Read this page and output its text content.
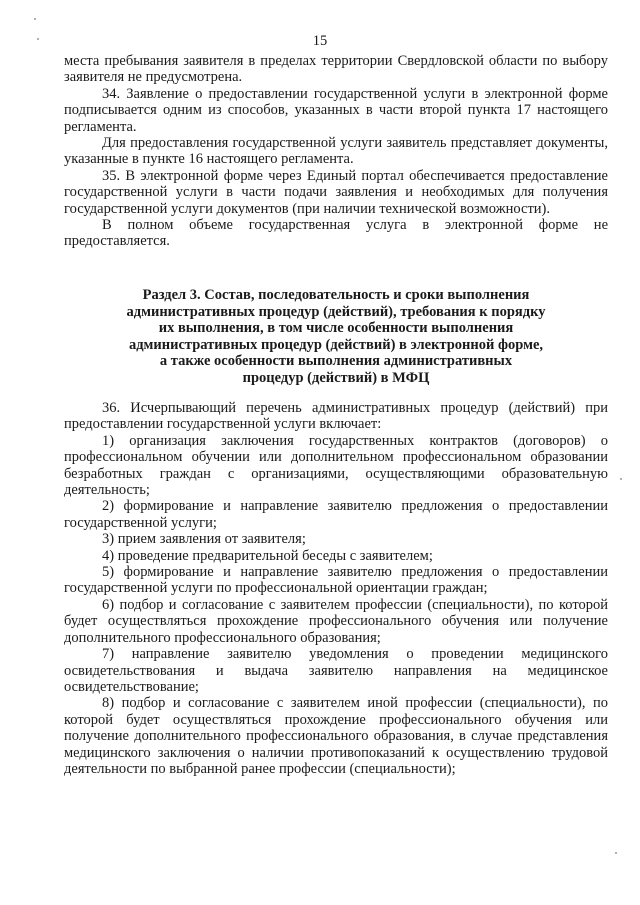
15

места пребывания заявителя в пределах территории Свердловской области по выбору заявителя не предусмотрена.

34. Заявление о предоставлении государственной услуги в электронной форме подписывается одним из способов, указанных в части второй пункта 17 настоящего регламента.

Для предоставления государственной услуги заявитель представляет документы, указанные в пункте 16 настоящего регламента.

35. В электронной форме через Единый портал обеспечивается предоставление государственной услуги в части подачи заявления и необходимых для получения государственной услуги документов (при наличии технической возможности).

В полном объеме государственная услуга в электронной форме не предоставляется.

Раздел 3. Состав, последовательность и сроки выполнения
административных процедур (действий), требования к порядку
их выполнения, в том числе особенности выполнения
административных процедур (действий) в электронной форме,
а также особенности выполнения административных
процедур (действий) в МФЦ

36. Исчерпывающий перечень административных процедур (действий) при предоставлении государственной услуги включает:

1) организация заключения государственных контрактов (договоров) о профессиональном обучении или дополнительном профессиональном образовании безработных граждан с организациями, осуществляющими образовательную деятельность;

2) формирование и направление заявителю предложения о предоставлении государственной услуги;

3) прием заявления от заявителя;

4) проведение предварительной беседы с заявителем;

5) формирование и направление заявителю предложения о предоставлении государственной услуги по профессиональной ориентации граждан;

6) подбор и согласование с заявителем профессии (специальности), по которой будет осуществляться прохождение профессионального обучения или получение дополнительного профессионального образования;

7) направление заявителю уведомления о проведении медицинского освидетельствования и выдача заявителю направления на медицинское освидетельствование;

8) подбор и согласование с заявителем иной профессии (специальности), по которой будет осуществляться прохождение профессионального обучения или получение дополнительного профессионального образования, в случае представления медицинского заключения о наличии противопоказаний к осуществлению трудовой деятельности по выбранной ранее профессии (специальности);
